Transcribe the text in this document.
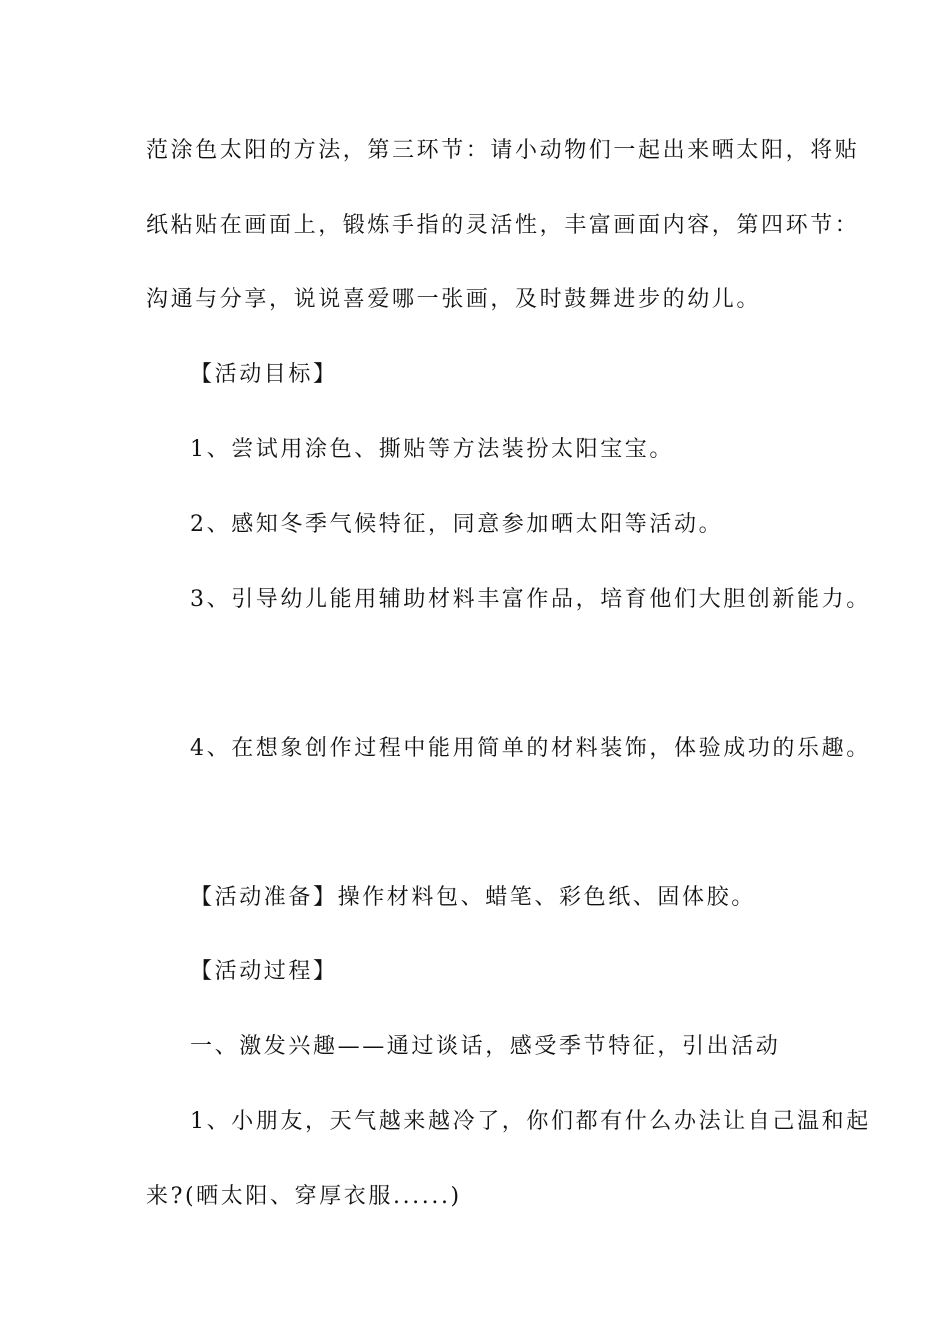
范涂色太阳的方法，第三环节：请小动物们一起出来晒太阳，将贴
纸粘贴在画面上，锻炼手指的灵活性，丰富画面内容，第四环节：
沟通与分享，说说喜爱哪一张画，及时鼓舞进步的幼儿。
【活动目标】
1、尝试用涂色、撕贴等方法装扮太阳宝宝。
2、感知冬季气候特征，同意参加晒太阳等活动。
3、引导幼儿能用辅助材料丰富作品，培育他们大胆创新能力。
4、在想象创作过程中能用简单的材料装饰，体验成功的乐趣。
【活动准备】操作材料包、蜡笔、彩色纸、固体胶。
【活动过程】
一、激发兴趣——通过谈话，感受季节特征，引出活动
1、小朋友，天气越来越冷了，你们都有什么办法让自己温和起
来?(晒太阳、穿厚衣服......)
